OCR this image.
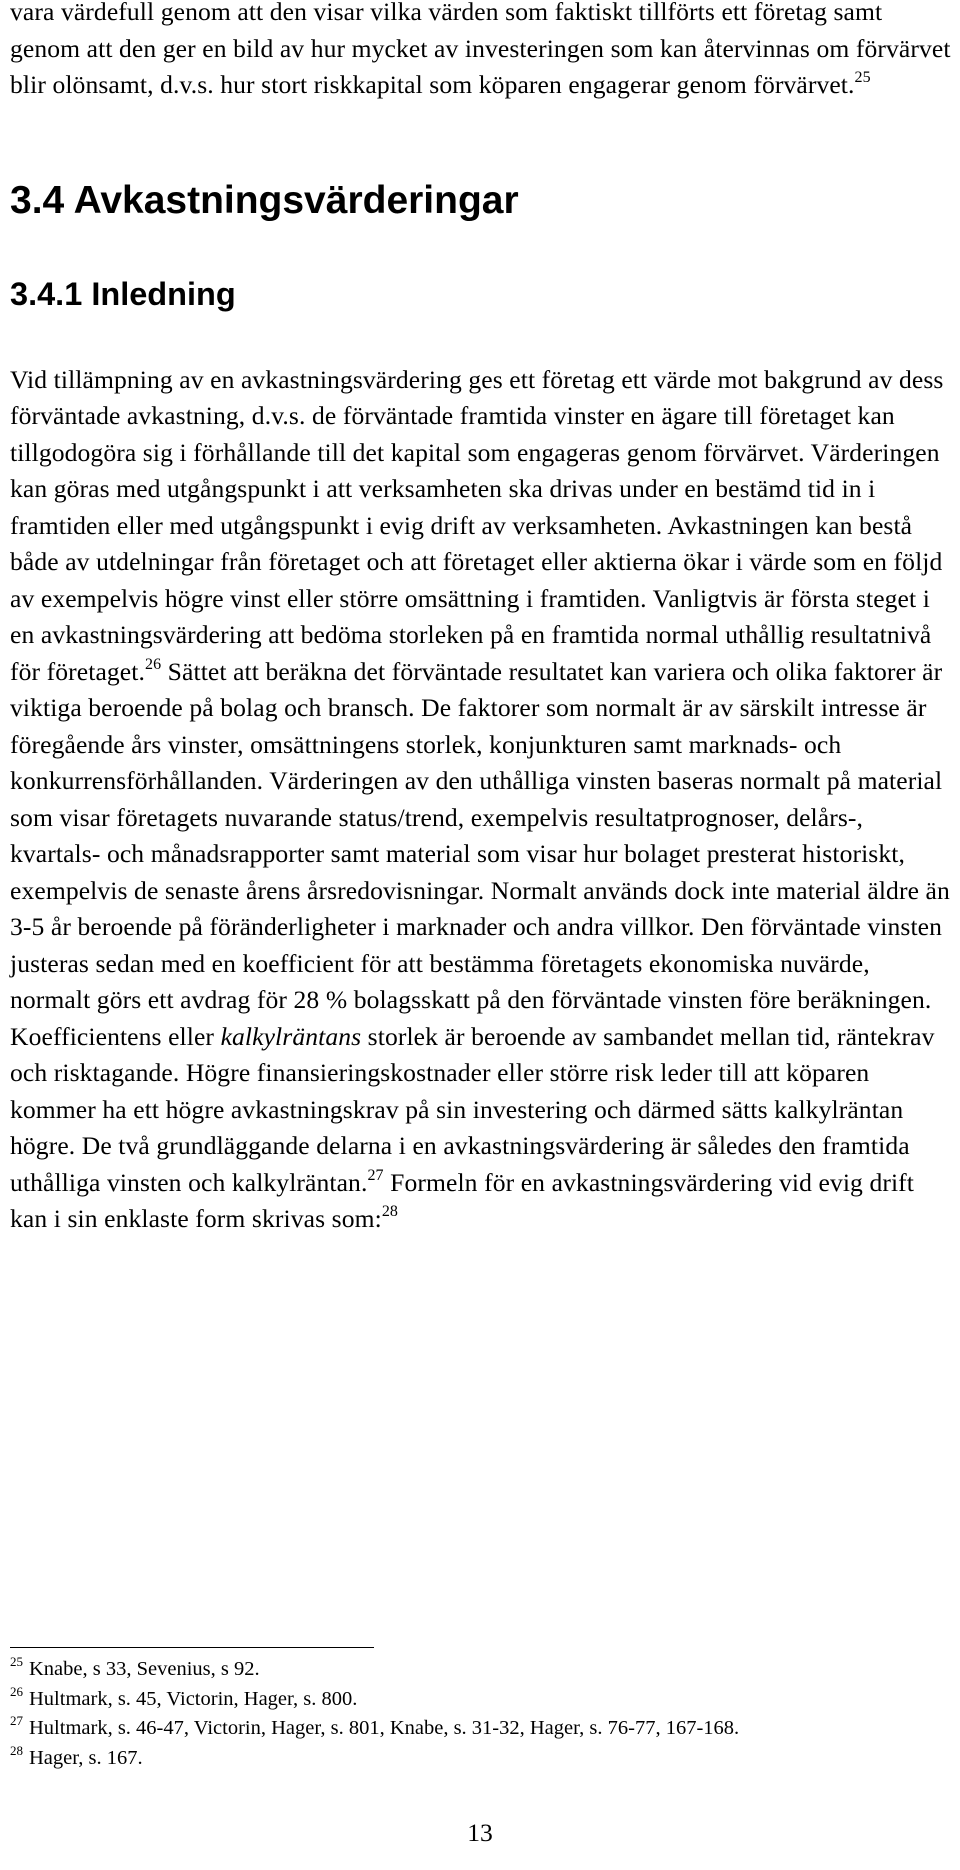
vara värdefull genom att den visar vilka värden som faktiskt tillförts ett företag samt genom att den ger en bild av hur mycket av investeringen som kan återvinnas om förvärvet blir olönsamt, d.v.s. hur stort riskkapital som köparen engagerar genom förvärvet.$^{25}$

3.4 Avkastningsvärderingar
3.4.1 Inledning

Vid tillämpning av en avkastningsvärdering ges ett företag ett värde mot bakgrund av dess förväntade avkastning, d.v.s. de förväntade framtida vinster en ägare till företaget kan tillgodogöra sig i förhållande till det kapital som engageras genom förvärvet. Värderingen kan göras med utgångspunkt i att verksamheten ska drivas under en bestämd tid in i framtiden eller med utgångspunkt i evig drift av verksamheten. Avkastningen kan bestå både av utdelningar från företaget och att företaget eller aktierna ökar i värde som en följd av exempelvis högre vinst eller större omsättning i framtiden. Vanligtvis är första steget i en avkastningsvärdering att bedöma storleken på en framtida normal uthållig resultatnivå för företaget.$^{26}$ Sättet att beräkna det förväntade resultatet kan variera och olika faktorer är viktiga beroende på bolag och bransch. De faktorer som normalt är av särskilt intresse är föregående års vinster, omsättningens storlek, konjunkturen samt marknads- och konkurrensförhållanden. Värderingen av den uthålliga vinsten baseras normalt på material som visar företagets nuvarande status/trend, exempelvis resultatprognoser, delårs-, kvartals- och månadsrapporter samt material som visar hur bolaget presterat historiskt, exempelvis de senaste årens årsredovisningar. Normalt används dock inte material äldre än 3-5 år beroende på föränderligheter i marknader och andra villkor. Den förväntade vinsten justeras sedan med en koefficient för att bestämma företagets ekonomiska nuvärde, normalt görs ett avdrag för 28 % bolagsskatt på den förväntade vinsten före beräkningen. Koefficientens eller kalkylräntans storlek är beroende av sambandet mellan tid, räntekrav och risktagande. Högre finansieringskostnader eller större risk leder till att köparen kommer ha ett högre avkastningskrav på sin investering och därmed sätts kalkylräntan högre. De två grundläggande delarna i en avkastningsvärdering är således den framtida uthålliga vinsten och kalkylräntan.$^{27}$ Formeln för en avkastningsvärdering vid evig drift kan i sin enklaste form skrivas som:$^{28}$

$^{25}$ Knabe, s 33, Sevenius, s 92.

$^{26}$ Hultmark, s. 45, Victorin, Hager, s. 800.

$^{27}$ Hultmark, s. 46-47, Victorin, Hager, s. 801, Knabe, s. 31-32, Hager, s. 76-77, 167-168.

$^{28}$ Hager, s. 167.

13
